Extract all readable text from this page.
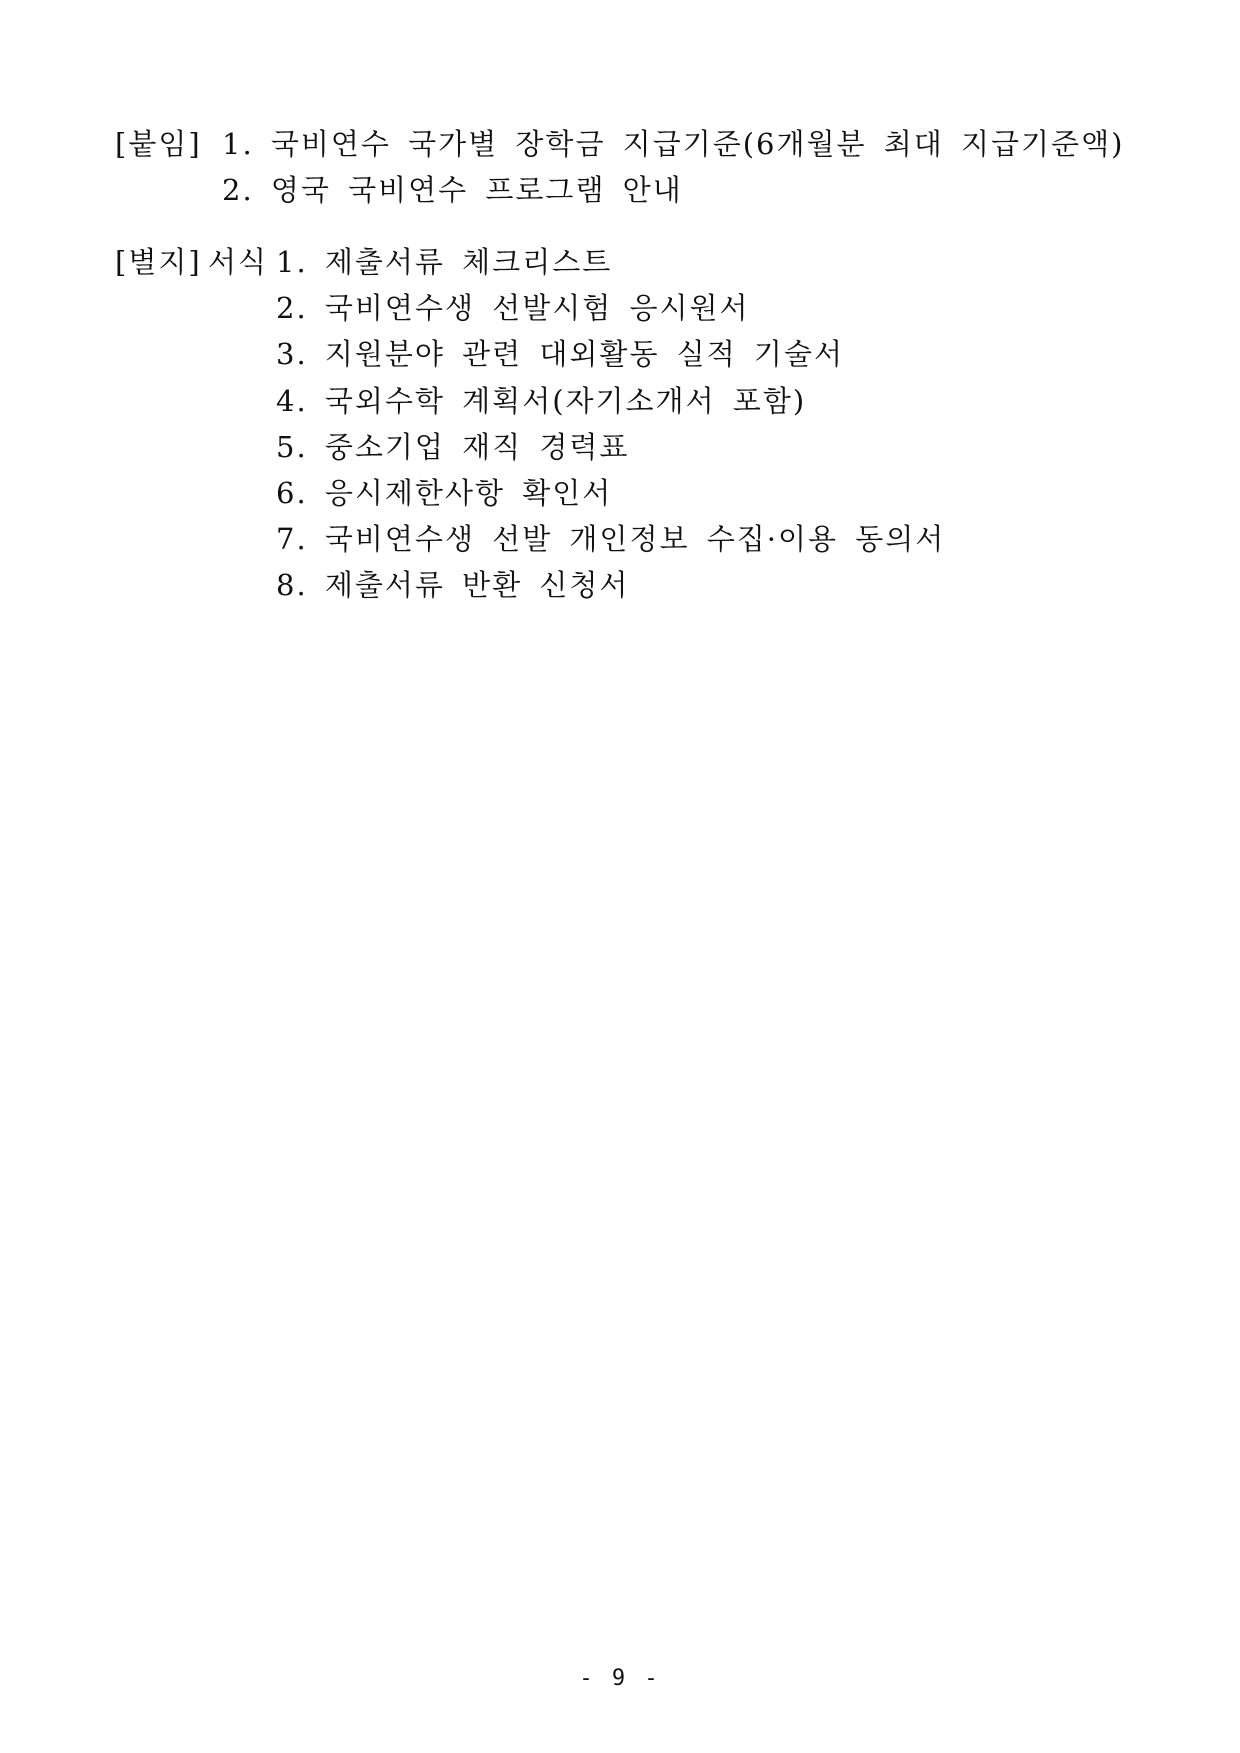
[붙임] 1. 국비연수 국가별 장학금 지급기준(6개월분 최대 지급기준액)
2. 영국 국비연수 프로그램 안내
[별지] 서식 1. 제출서류 체크리스트
2. 국비연수생 선발시험 응시원서
3. 지원분야 관련 대외활동 실적 기술서
4. 국외수학 계획서(자기소개서 포함)
5. 중소기업 재직 경력표
6. 응시제한사항 확인서
7. 국비연수생 선발 개인정보 수집·이용 동의서
8. 제출서류 반환 신청서
- 9 -
